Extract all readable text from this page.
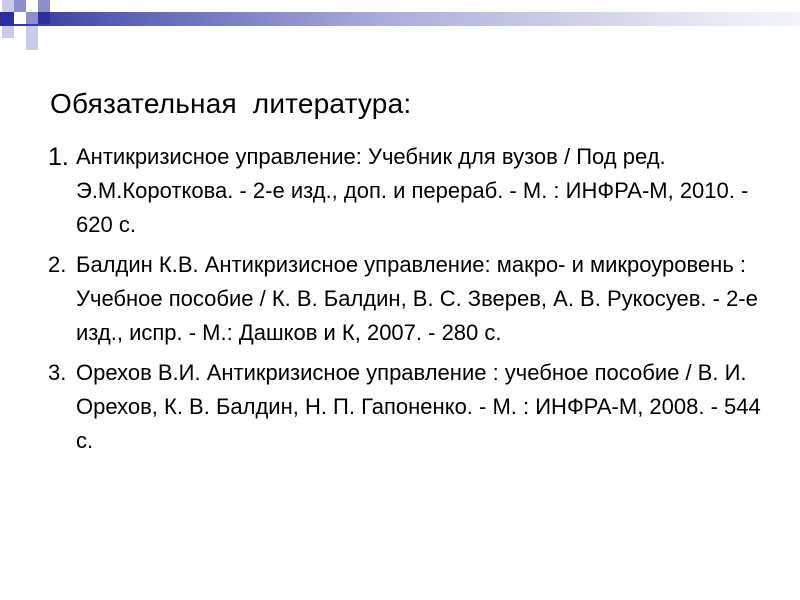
Обязательная  литература:
1. Антикризисное управление: Учебник для вузов / Под ред. Э.М.Короткова. - 2-е изд., доп. и перераб. - М. : ИНФРА-М, 2010. - 620 с.
2. Балдин К.В. Антикризисное управление: макро- и микроуровень : Учебное пособие / К. В. Балдин, В. С. Зверев, А. В. Рукосуев. - 2-е изд., испр. - М.: Дашков и К, 2007. - 280 с.
3. Орехов В.И. Антикризисное управление : учебное пособие / В. И. Орехов, К. В. Балдин, Н. П. Гапоненко. - М. : ИНФРА-М, 2008. - 544 с.
